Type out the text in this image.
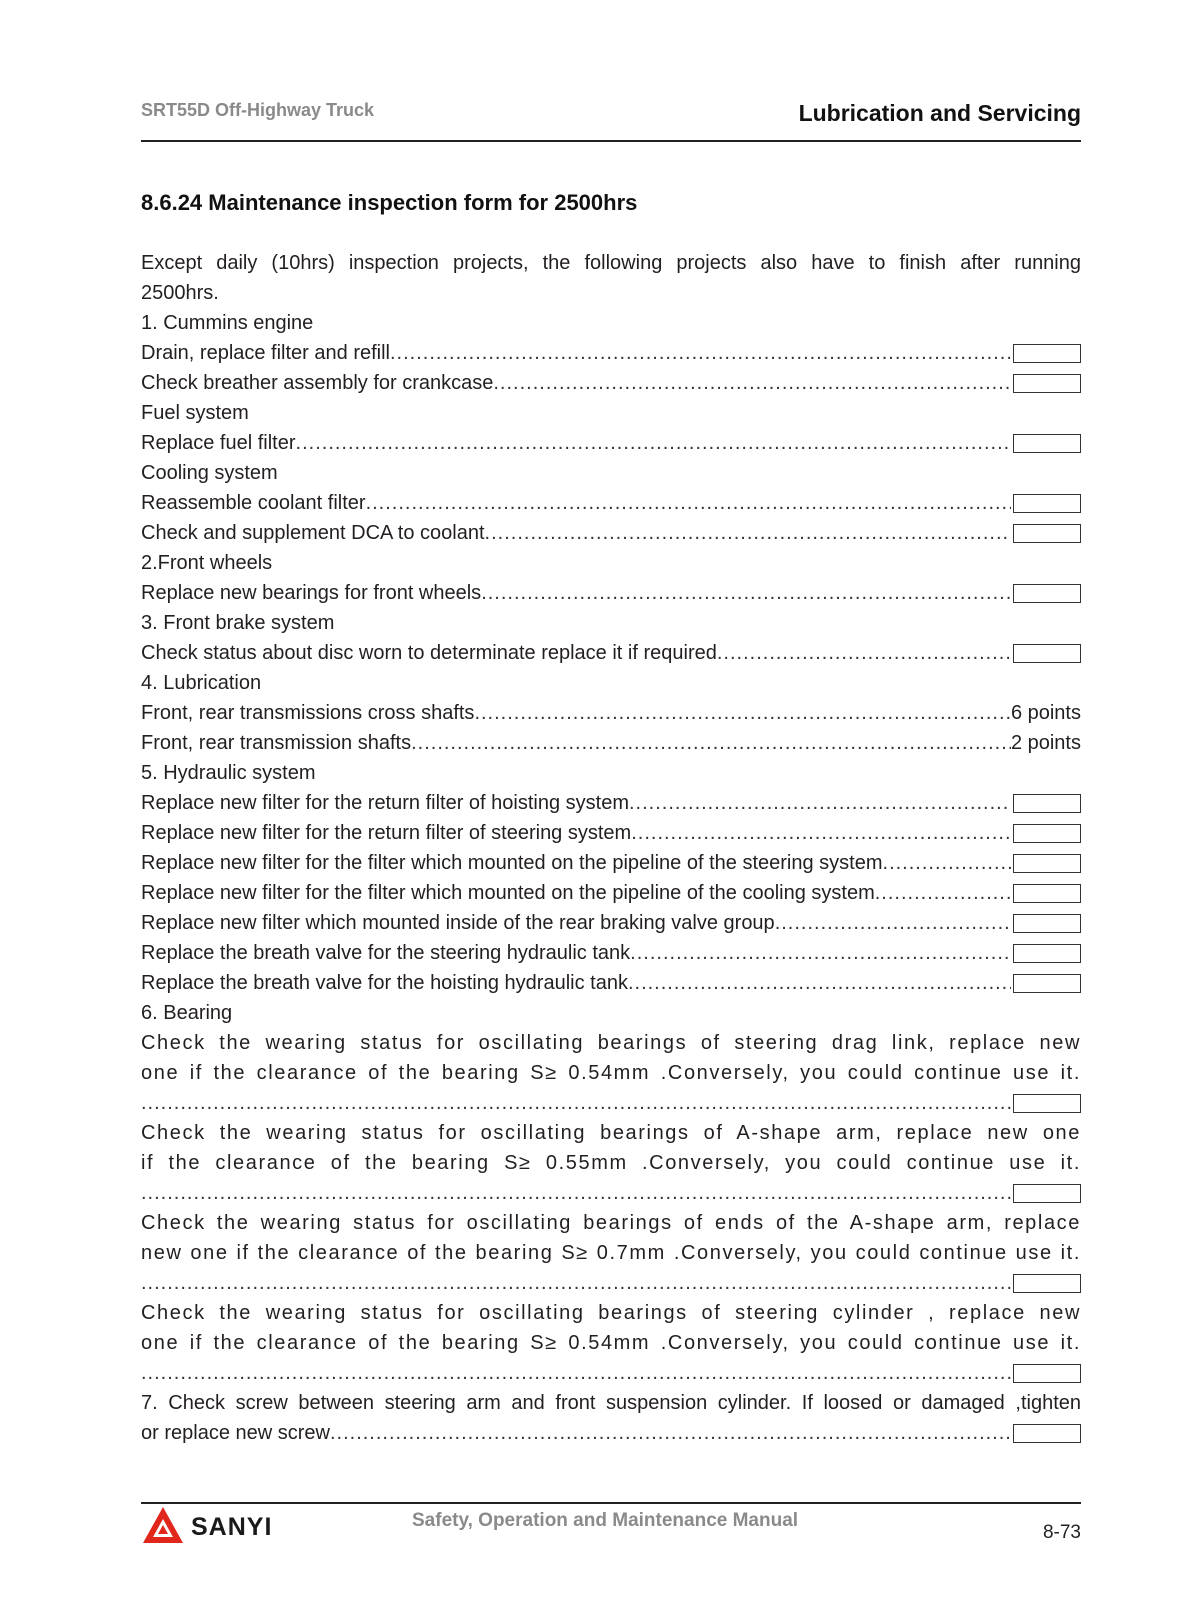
SRT55D Off-Highway Truck	Lubrication and Servicing
8.6.24 Maintenance inspection form for 2500hrs
Except daily (10hrs) inspection projects, the following projects also have to finish after running
2500hrs.
1. Cummins engine
Drain, replace filter and refill
.....
Check breather assembly for crankcase
.....
Fuel system
Replace fuel filter
.....
Cooling system
Reassemble coolant filter
.....
Check and supplement DCA to coolant
.....
2.Front wheels
Replace new bearings for front wheels
.....
3. Front brake system
Check status about disc worn to determinate replace it if required
.....
4. Lubrication
Front, rear transmissions cross shafts .....	6 points
Front, rear transmission shafts .....	2 points
5. Hydraulic system
Replace new filter for the return filter of hoisting system
.....
Replace new filter for the return filter of steering system
.....
Replace new filter for the filter which mounted on the pipeline of the steering system
.....
Replace new filter for the filter which mounted on the pipeline of the cooling system
.....
Replace new filter which mounted inside of the rear braking valve group
.....
Replace the breath valve for the steering hydraulic tank
.....
Replace the breath valve for the hoisting hydraulic tank
.....
6. Bearing
Check the wearing status for oscillating bearings of steering drag link, replace new
one if the clearance of the bearing S≥ 0.54mm .Conversely, you could continue use it.
.....
Check the wearing status for oscillating bearings of A-shape arm, replace new one
if the clearance of the bearing S≥ 0.55mm .Conversely, you could continue use it.
.....
Check the wearing status for oscillating bearings of ends of the A-shape arm, replace
new one if the clearance of the bearing S≥ 0.7mm .Conversely, you could continue use it.
.....
Check the wearing status for oscillating bearings of steering cylinder , replace new
one if the clearance of the bearing S≥ 0.54mm .Conversely, you could continue use it.
.....
7. Check screw between steering arm and front suspension cylinder. If loosed or damaged ,tighten
or replace new screw
.....
SANYI	Safety, Operation and Maintenance Manual
8-73
